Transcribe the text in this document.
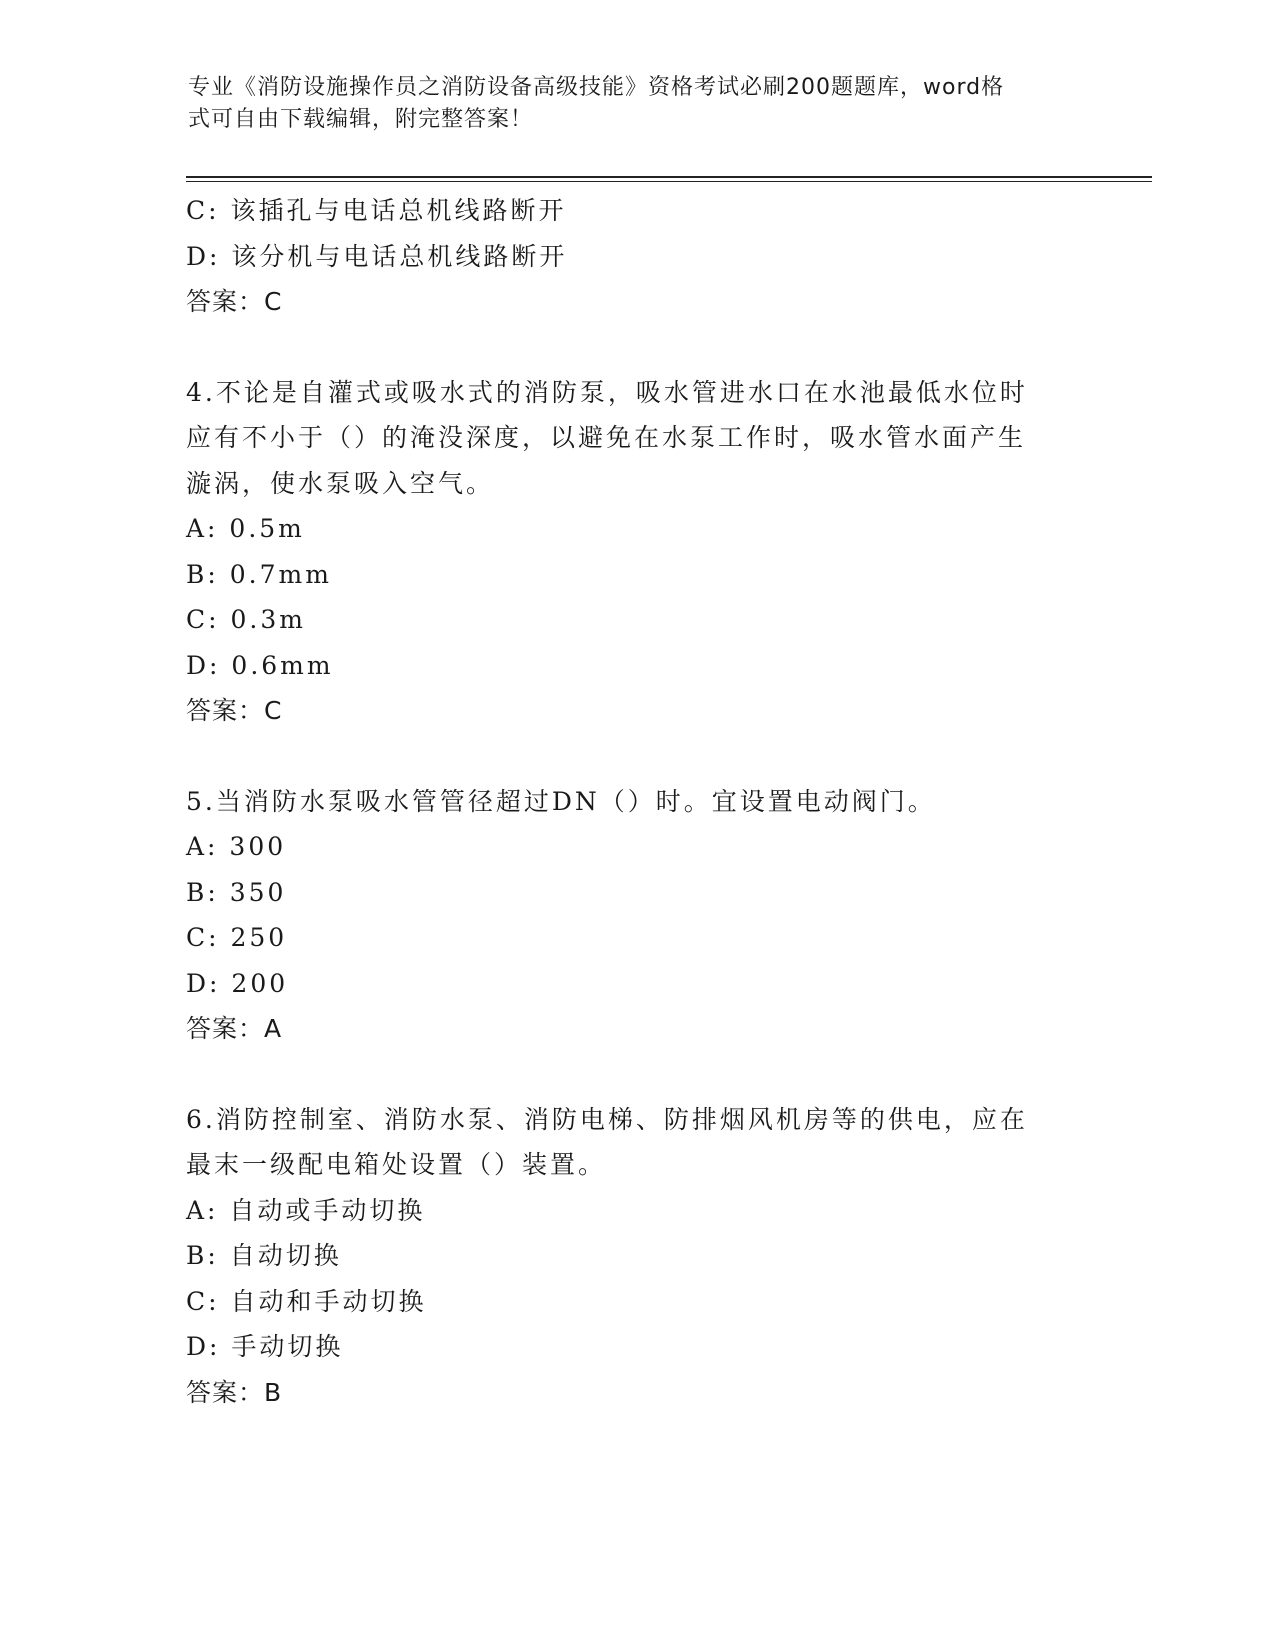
专业《消防设施操作员之消防设备高级技能》资格考试必刷200题题库，word格
式可自由下载编辑，附完整答案！
C: 该插孔与电话总机线路断开
D: 该分机与电话总机线路断开
答案：C
4.不论是自灌式或吸水式的消防泵，吸水管进水口在水池最低水位时
应有不小于（）的淹没深度，以避免在水泵工作时，吸水管水面产生
漩涡，使水泵吸入空气。
A: 0.5m
B: 0.7mm
C: 0.3m
D: 0.6mm
答案：C
5.当消防水泵吸水管管径超过DN（）时。宜设置电动阀门。
A: 300
B: 350
C: 250
D: 200
答案：A
6.消防控制室、消防水泵、消防电梯、防排烟风机房等的供电，应在
最末一级配电箱处设置（）装置。
A: 自动或手动切换
B: 自动切换
C: 自动和手动切换
D: 手动切换
答案：B
